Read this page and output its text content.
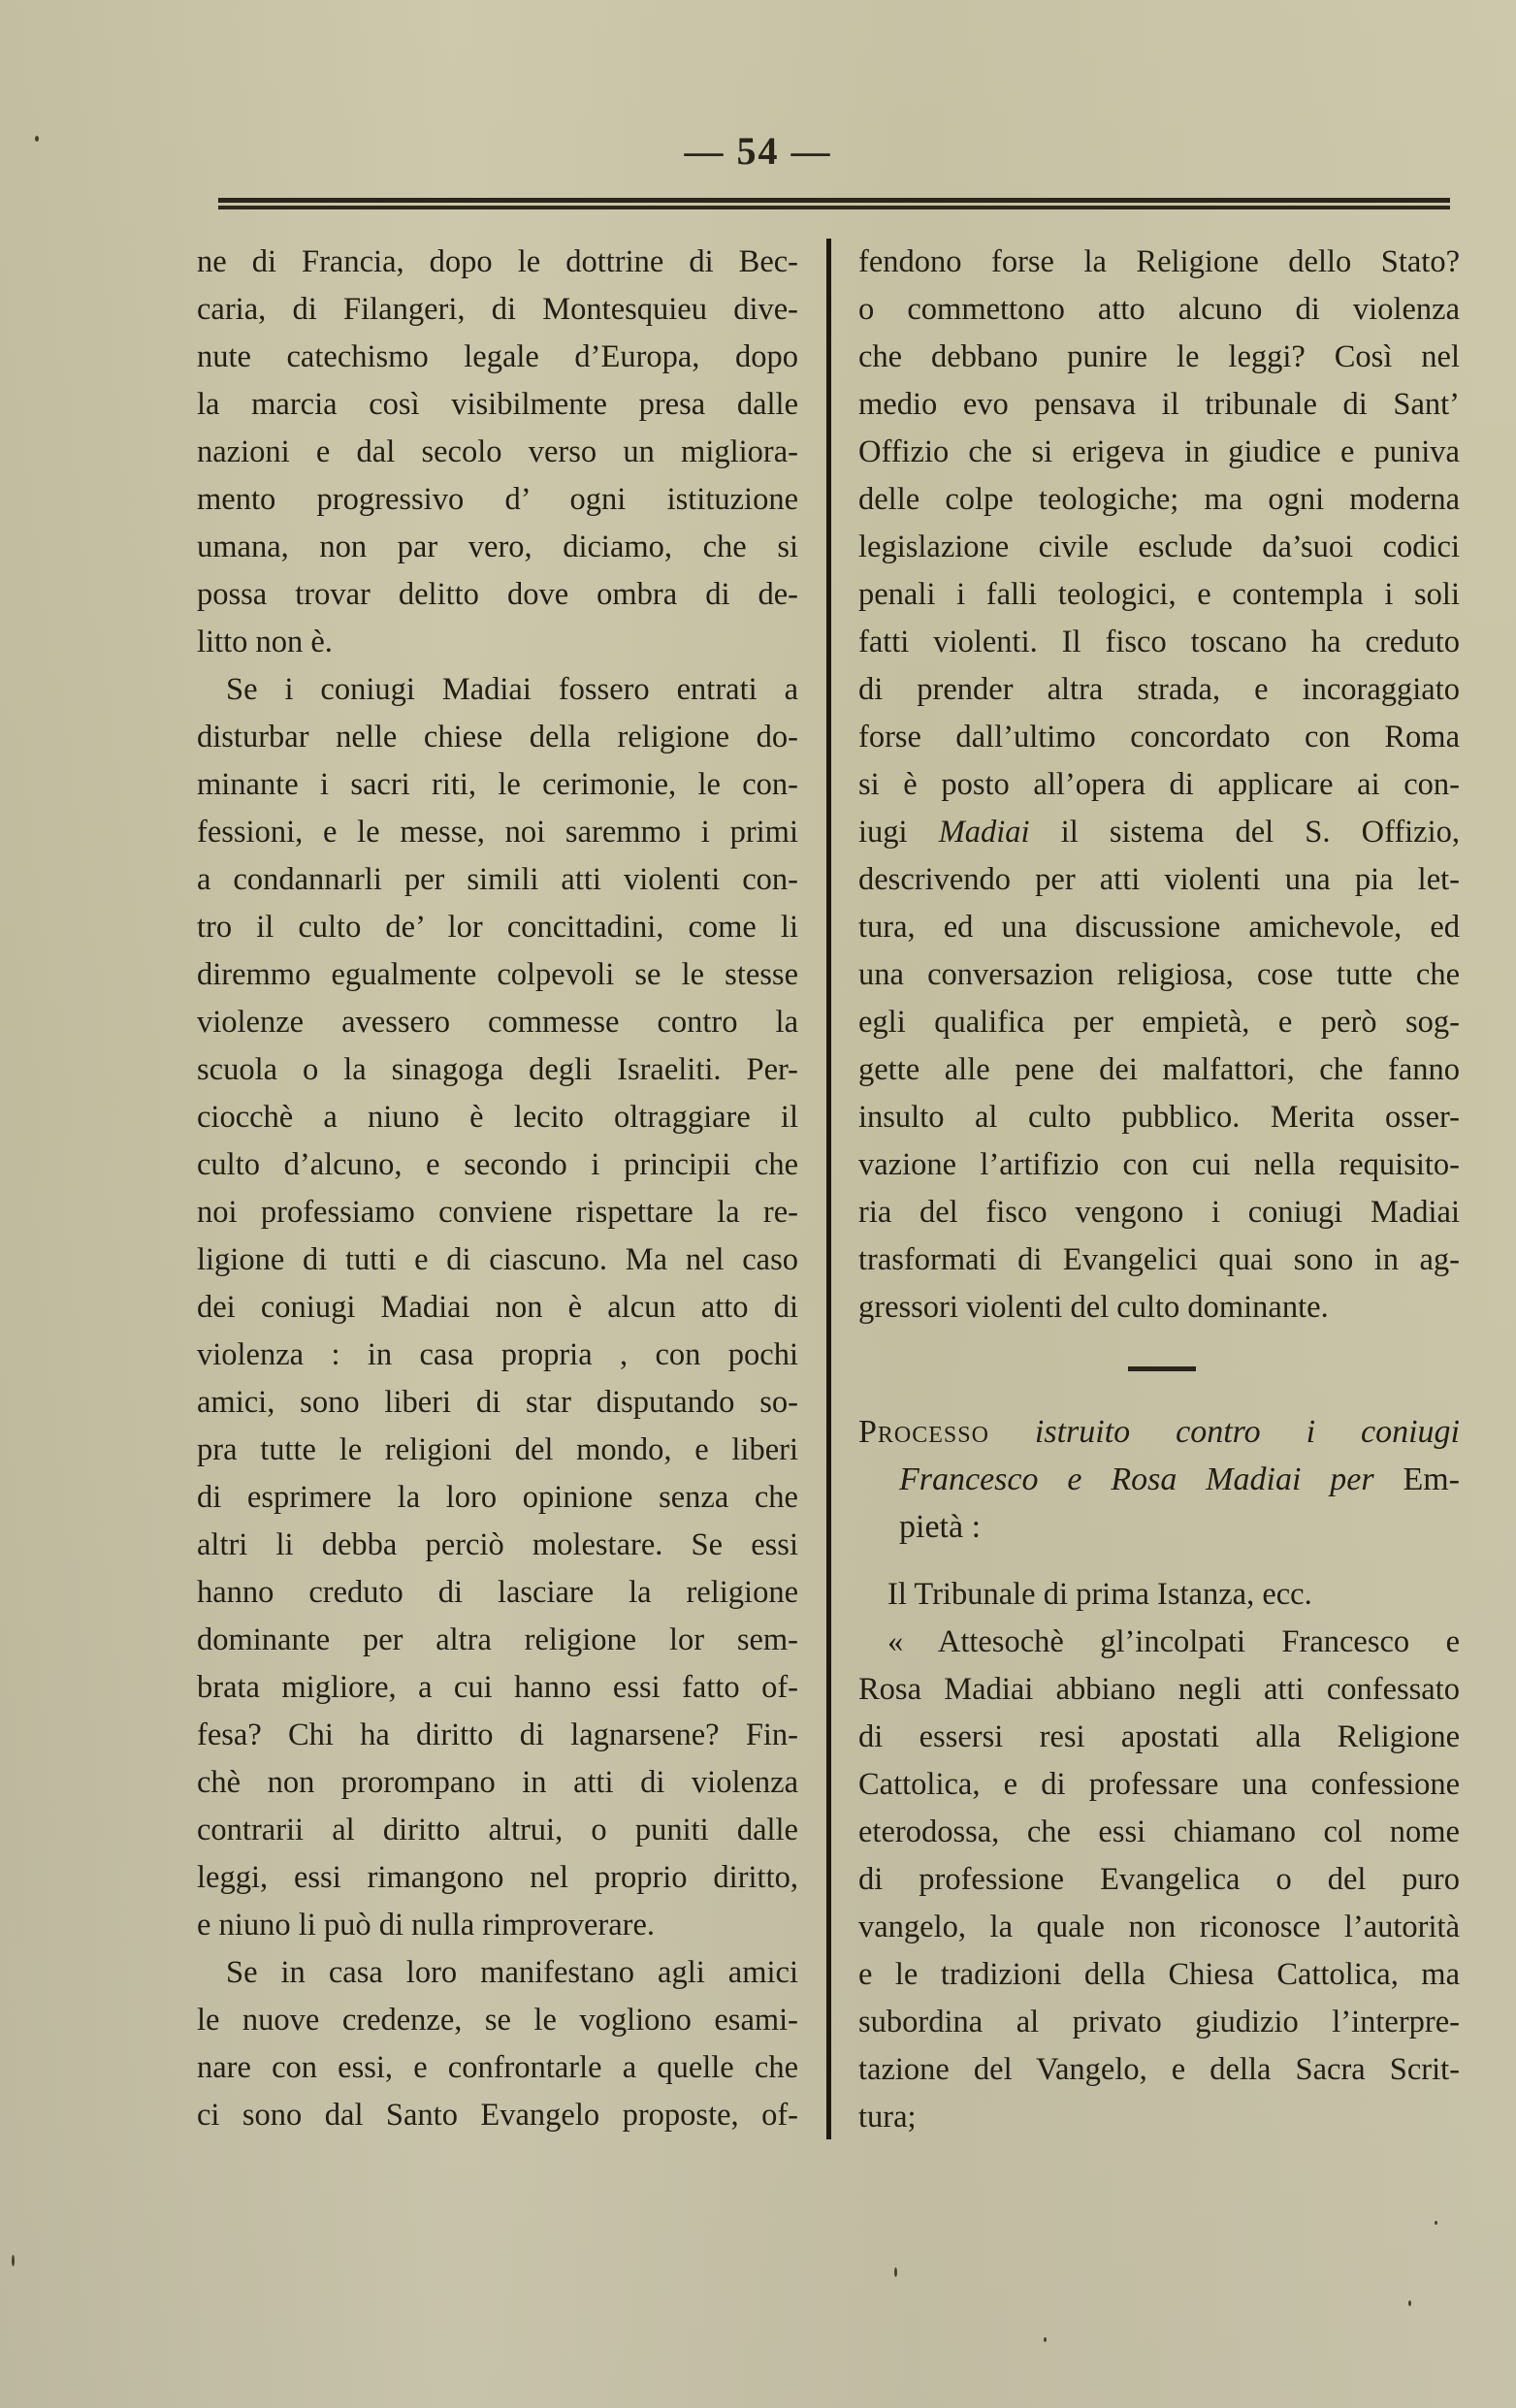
— 54 —
ne di Francia, dopo le dottrine di Bec-
caria, di Filangeri, di Montesquieu dive-
nute catechismo legale d’Europa, dopo
la marcia così visibilmente presa dalle
nazioni e dal secolo verso un migliora-
mento progressivo d’ ogni istituzione
umana, non par vero, diciamo, che si
possa trovar delitto dove ombra di de-
litto non è.
Se i coniugi Madiai fossero entrati a
disturbar nelle chiese della religione do-
minante i sacri riti, le cerimonie, le con-
fessioni, e le messe, noi saremmo i primi
a condannarli per simili atti violenti con-
tro il culto de’ lor concittadini, come li
diremmo egualmente colpevoli se le stesse
violenze avessero commesse contro la
scuola o la sinagoga degli Israeliti. Per-
ciocchè a niuno è lecito oltraggiare il
culto d’alcuno, e secondo i principii che
noi professiamo conviene rispettare la re-
ligione di tutti e di ciascuno. Ma nel caso
dei coniugi Madiai non è alcun atto di
violenza : in casa propria , con pochi
amici, sono liberi di star disputando so-
pra tutte le religioni del mondo, e liberi
di esprimere la loro opinione senza che
altri li debba perciò molestare. Se essi
hanno creduto di lasciare la religione
dominante per altra religione lor sem-
brata migliore, a cui hanno essi fatto of-
fesa? Chi ha diritto di lagnarsene? Fin-
chè non prorompano in atti di violenza
contrarii al diritto altrui, o puniti dalle
leggi, essi rimangono nel proprio diritto,
e niuno li può di nulla rimproverare.
Se in casa loro manifestano agli amici
le nuove credenze, se le vogliono esami-
nare con essi, e confrontarle a quelle che
ci sono dal Santo Evangelo proposte, of-
fendono forse la Religione dello Stato?
o commettono atto alcuno di violenza
che debbano punire le leggi? Così nel
medio evo pensava il tribunale di Sant’
Offizio che si erigeva in giudice e puniva
delle colpe teologiche; ma ogni moderna
legislazione civile esclude da’suoi codici
penali i falli teologici, e contempla i soli
fatti violenti. Il fisco toscano ha creduto
di prender altra strada, e incoraggiato
forse dall’ultimo concordato con Roma
si è posto all’opera di applicare ai con-
iugi Madiai il sistema del S. Offizio,
descrivendo per atti violenti una pia let-
tura, ed una discussione amichevole, ed
una conversazion religiosa, cose tutte che
egli qualifica per empietà, e però sog-
gette alle pene dei malfattori, che fanno
insulto al culto pubblico. Merita osser-
vazione l’artifizio con cui nella requisito-
ria del fisco vengono i coniugi Madiai
trasformati di Evangelici quai sono in ag-
gressori violenti del culto dominante.
Processo istruito contro i coniugi
Francesco e Rosa Madiai per Em-
pietà :
Il Tribunale di prima Istanza, ecc.
« Attesochè gl’incolpati Francesco e
Rosa Madiai abbiano negli atti confessato
di essersi resi apostati alla Religione
Cattolica, e di professare una confessione
eterodossa, che essi chiamano col nome
di professione Evangelica o del puro
vangelo, la quale non riconosce l’autorità
e le tradizioni della Chiesa Cattolica, ma
subordina al privato giudizio l’interpre-
tazione del Vangelo, e della Sacra Scrit-
tura;
